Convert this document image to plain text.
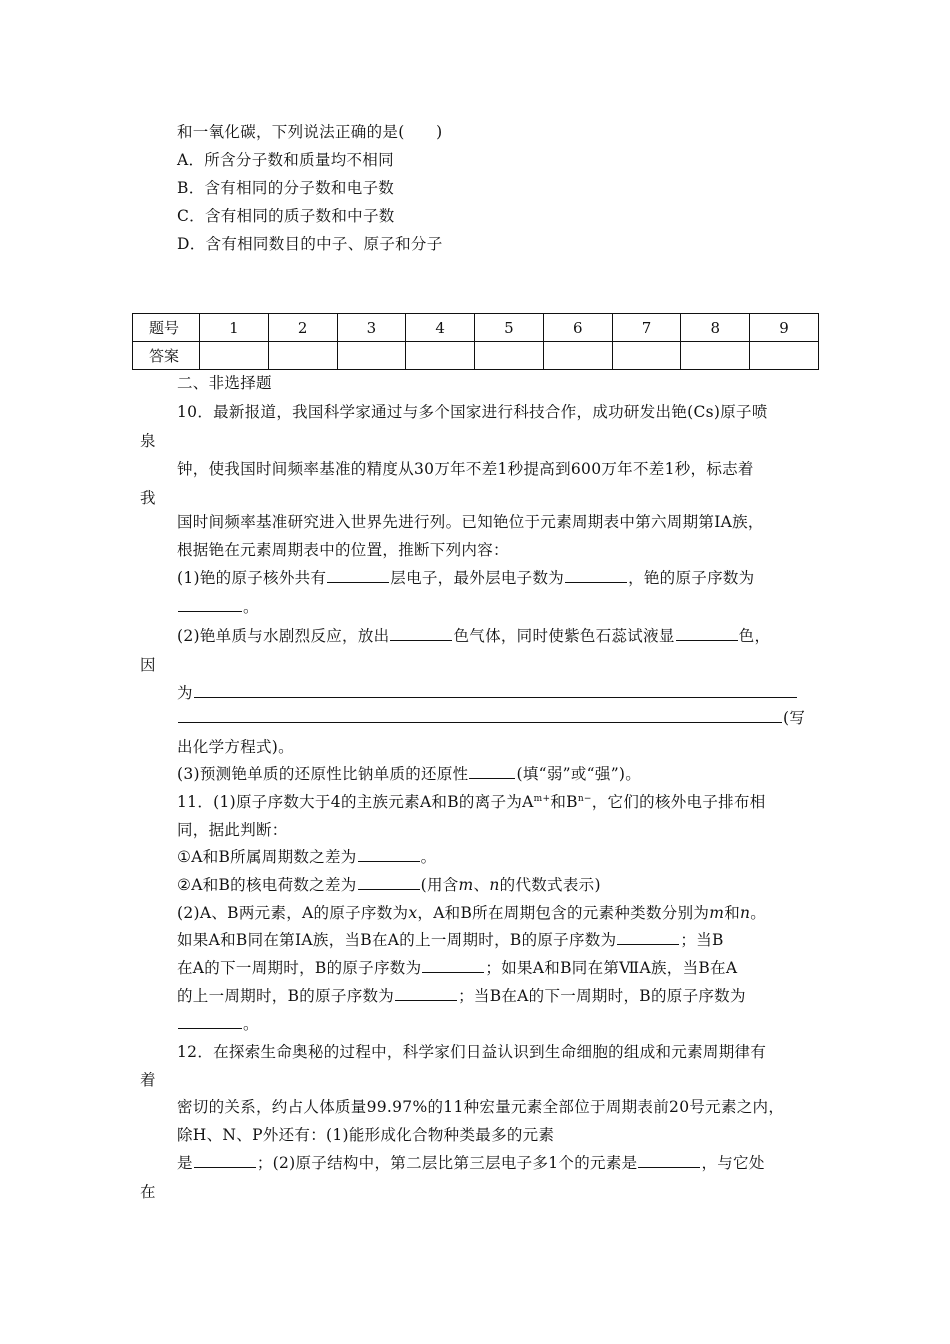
和一氧化碳，下列说法正确的是(　　)
A．所含分子数和质量均不相同
B．含有相同的分子数和电子数
C．含有相同的质子数和中子数
D．含有相同数目的中子、原子和分子
题号	1	2	3	4	5	6	7	8	9
答案									
二、非选择题
10．最新报道，我国科学家通过与多个国家进行科技合作，成功研发出铯(Cs)原子喷
泉
钟，使我国时间频率基准的精度从30万年不差1秒提高到600万年不差1秒，标志着
我
国时间频率基准研究进入世界先进行列。已知铯位于元素周期表中第六周期第ⅠA族，
根据铯在元素周期表中的位置，推断下列内容：
(1)铯的原子核外共有	层电子，最外层电子数为	，铯的原子序数为
。
(2)铯单质与水剧烈反应，放出	色气体，同时使紫色石蕊试液显	色，
因
为
(写
出化学方程式)。
(3)预测铯单质的还原性比钠单质的还原性	(填“弱”或“强”)。
11．(1)原子序数大于4的主族元素A和B的离子为$A^{m+}$和$B^{n-}$，它们的核外电子排布相
同，据此判断：
①A和B所属周期数之差为	。
②A和B的核电荷数之差为	(用含m、n的代数式表示)
(2)A、B两元素，A的原子序数为x，A和B所在周期包含的元素种类数分别为m和n。
如果A和B同在第ⅠA族，当B在A的上一周期时，B的原子序数为	；当B
在A的下一周期时，B的原子序数为	；如果A和B同在第ⅦA族，当B在A
的上一周期时，B的原子序数为	；当B在A的下一周期时，B的原子序数为
。
12．在探索生命奥秘的过程中，科学家们日益认识到生命细胞的组成和元素周期律有
着
密切的关系，约占人体质量99.97%的11种宏量元素全部位于周期表前20号元素之内，
除H、N、P外还有：(1)能形成化合物种类最多的元素
是	；(2)原子结构中，第二层比第三层电子多1个的元素是	，与它处
在
